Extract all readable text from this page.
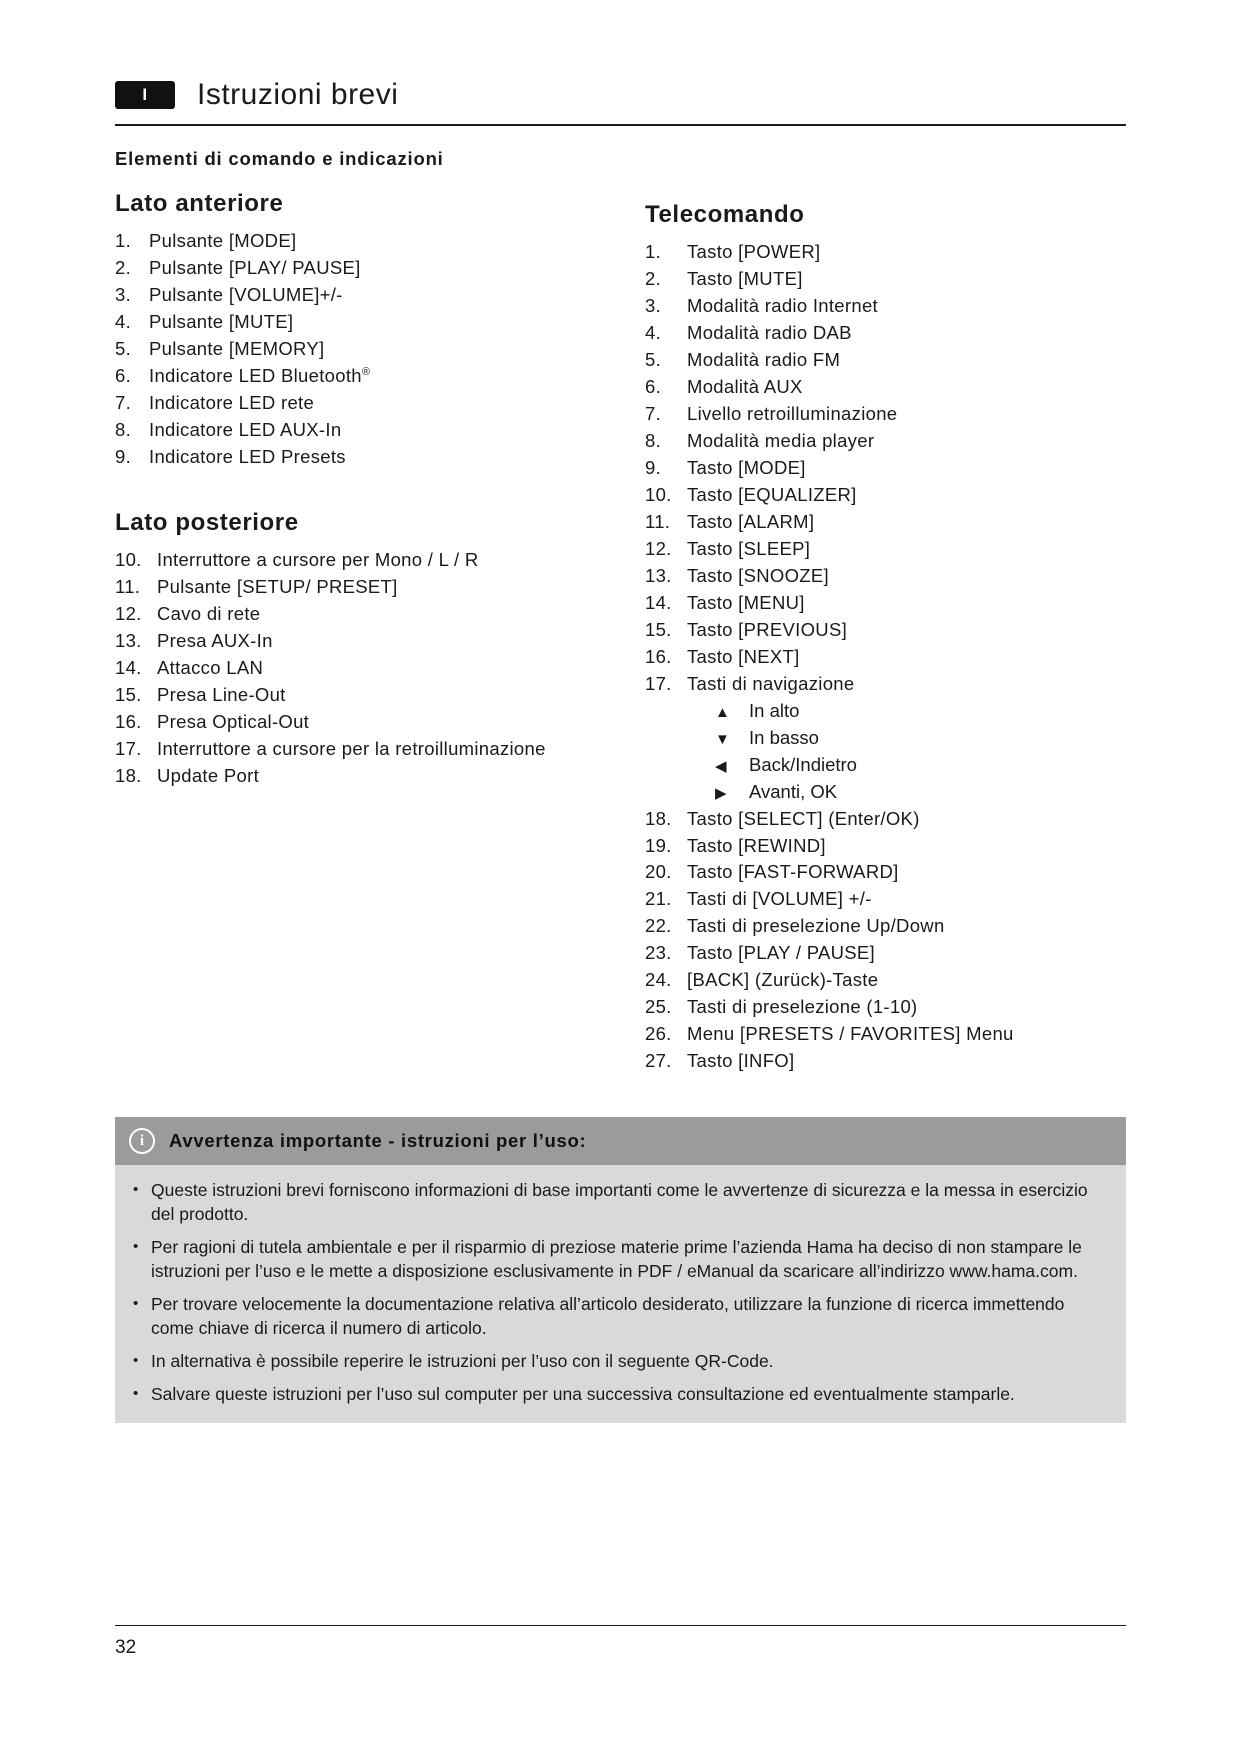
I	Istruzioni brevi
Elementi di comando e indicazioni
Lato anteriore
1. Pulsante [MODE]
2. Pulsante [PLAY/ PAUSE]
3. Pulsante [VOLUME]+/-
4. Pulsante [MUTE]
5. Pulsante [MEMORY]
6. Indicatore LED Bluetooth®
7. Indicatore LED rete
8. Indicatore LED AUX-In
9. Indicatore LED Presets
Lato posteriore
10. Interruttore a cursore per Mono / L / R
11. Pulsante [SETUP/ PRESET]
12. Cavo di rete
13. Presa AUX-In
14. Attacco LAN
15. Presa Line-Out
16. Presa Optical-Out
17. Interruttore a cursore per la retroilluminazione
18. Update Port
Telecomando
1.	Tasto [POWER]
2.	Tasto [MUTE]
3.	Modalità radio Internet
4.	Modalità radio DAB
5.	Modalità radio FM
6.	Modalità AUX
7.	Livello retroilluminazione
8.	Modalità media player
9.	Tasto [MODE]
10. Tasto [EQUALIZER]
11. Tasto [ALARM]
12. Tasto [SLEEP]
13. Tasto [SNOOZE]
14. Tasto [MENU]
15. Tasto [PREVIOUS]
16. Tasto [NEXT]
17. Tasti di navigazione
▲	In alto
▼	In basso
◀	Back/Indietro
▶	Avanti, OK
18. Tasto [SELECT] (Enter/OK)
19. Tasto [REWIND]
20. Tasto [FAST-FORWARD]
21. Tasti di [VOLUME] +/-
22. Tasti di preselezione Up/Down
23. Tasto [PLAY / PAUSE]
24. [BACK] (Zurück)-Taste
25. Tasti di preselezione (1-10)
26. Menu [PRESETS / FAVORITES] Menu
27. Tasto [INFO]
i	Avvertenza importante - istruzioni per l’uso:
• Queste istruzioni brevi forniscono informazioni di base importanti come le avvertenze di sicurezza e la messa in esercizio del prodotto.
• Per ragioni di tutela ambientale e per il risparmio di preziose materie prime l’azienda Hama ha deciso di non stampare le istruzioni per l’uso e le mette a disposizione esclusivamente in PDF / eManual da scaricare all’indirizzo www.hama.com.
• Per trovare velocemente la documentazione relativa all’articolo desiderato, utilizzare la funzione di ricerca immettendo come chiave di ricerca il numero di articolo.
• In alternativa è possibile reperire le istruzioni per l’uso con il seguente QR-Code.
• Salvare queste istruzioni per l’uso sul computer per una successiva consultazione ed eventualmente stamparle.
32
